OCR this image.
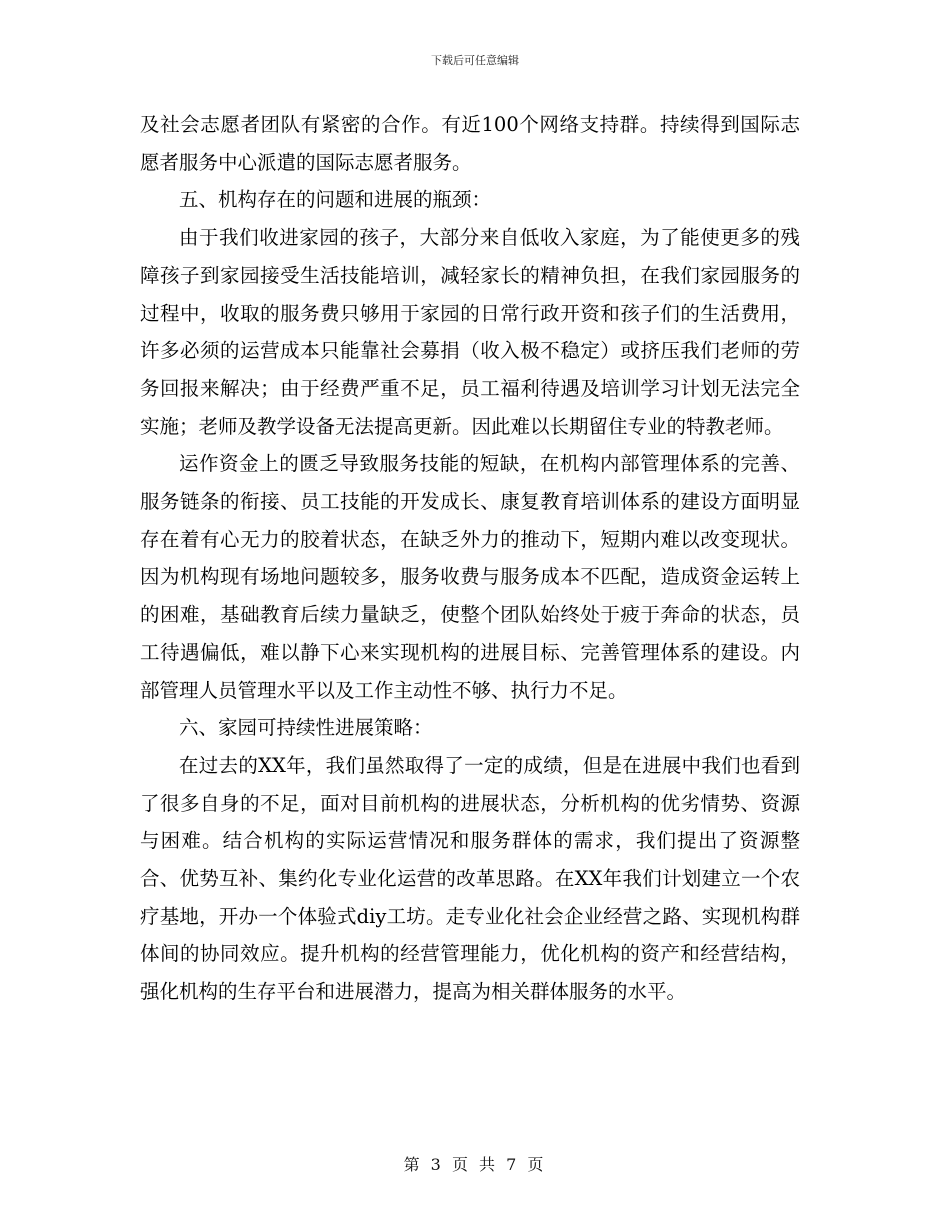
下载后可任意编辑

及社会志愿者团队有紧密的合作。有近100个网络支持群。持续得到国际志愿者服务中心派遣的国际志愿者服务。

五、机构存在的问题和进展的瓶颈：

由于我们收进家园的孩子，大部分来自低收入家庭，为了能使更多的残障孩子到家园接受生活技能培训，减轻家长的精神负担，在我们家园服务的过程中，收取的服务费只够用于家园的日常行政开资和孩子们的生活费用，许多必须的运营成本只能靠社会募捐（收入极不稳定）或挤压我们老师的劳务回报来解决；由于经费严重不足，员工福利待遇及培训学习计划无法完全实施；老师及教学设备无法提高更新。因此难以长期留住专业的特教老师。

运作资金上的匮乏导致服务技能的短缺，在机构内部管理体系的完善、服务链条的衔接、员工技能的开发成长、康复教育培训体系的建设方面明显存在着有心无力的胶着状态，在缺乏外力的推动下，短期内难以改变现状。因为机构现有场地问题较多，服务收费与服务成本不匹配，造成资金运转上的困难，基础教育后续力量缺乏，使整个团队始终处于疲于奔命的状态，员工待遇偏低，难以静下心来实现机构的进展目标、完善管理体系的建设。内部管理人员管理水平以及工作主动性不够、执行力不足。

六、家园可持续性进展策略：

在过去的XX年，我们虽然取得了一定的成绩，但是在进展中我们也看到了很多自身的不足，面对目前机构的进展状态，分析机构的优劣情势、资源与困难。结合机构的实际运营情况和服务群体的需求，我们提出了资源整合、优势互补、集约化专业化运营的改革思路。在XX年我们计划建立一个农疗基地，开办一个体验式diy工坊。走专业化社会企业经营之路、实现机构群体间的协同效应。提升机构的经营管理能力，优化机构的资产和经营结构，强化机构的生存平台和进展潜力，提高为相关群体服务的水平。

第 3 页 共 7 页
